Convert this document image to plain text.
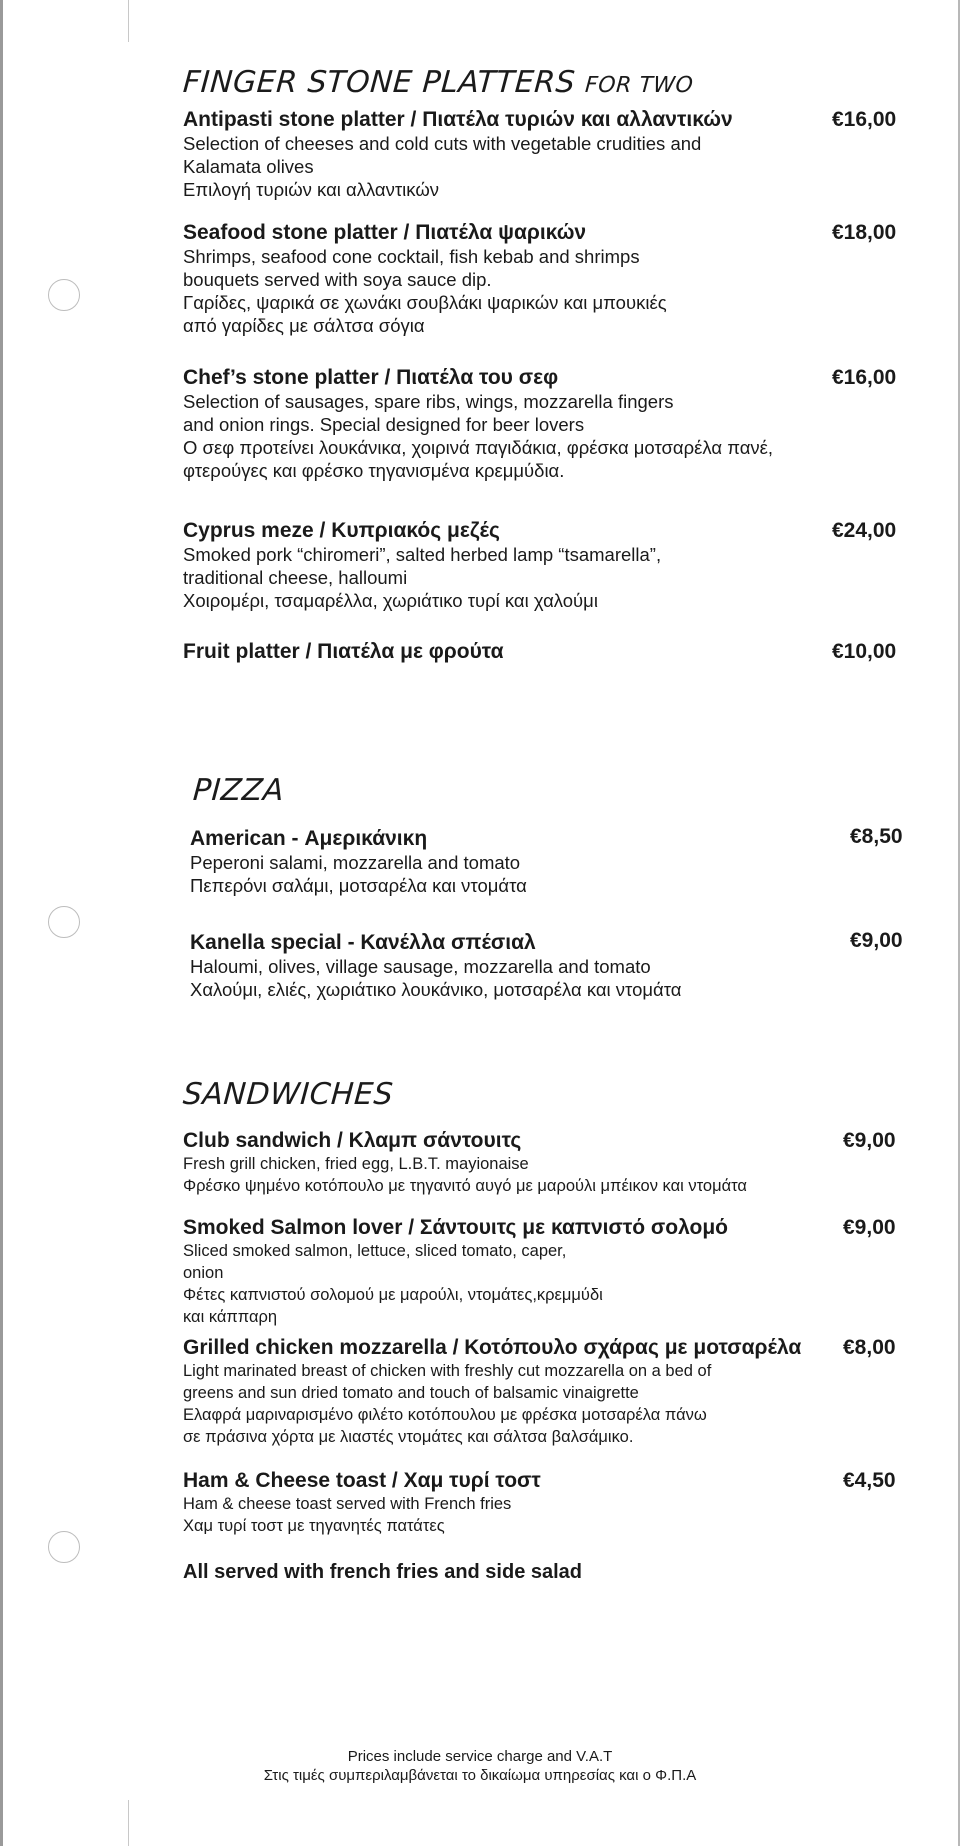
FINGER STONE PLATTERS FOR TWO
Antipasti stone platter / Πιατέλα τυριών και αλλαντικών
Selection of cheeses and cold cuts with vegetable crudities and
Kalamata olives
Επιλογή τυριών και αλλαντικών
€16,00
Seafood stone platter / Πιατέλα ψαρικών
Shrimps, seafood cone cocktail, fish kebab and shrimps
bouquets served with soya sauce dip.
Γαρίδες, ψαρικά σε χωνάκι σουβλάκι ψαρικών και μπουκιές
από γαρίδες με σάλτσα σόγια
€18,00
Chef’s stone platter / Πιατέλα του σεφ
Selection of sausages, spare ribs, wings, mozzarella fingers
and onion rings. Special designed for beer lovers
Ο σεφ προτείνει λουκάνικα, χοιρινά παγιδάκια, φρέσκα μοτσαρέλα πανέ,
φτερούγες και φρέσκο τηγανισμένα κρεμμύδια.
€16,00
Cyprus meze / Κυπριακός μεζές
Smoked pork “chiromeri”, salted herbed lamp “tsamarella”,
traditional cheese, halloumi
Χοιρομέρι, τσαμαρέλλα, χωριάτικο τυρί και χαλούμι
€24,00
Fruit platter / Πιατέλα με φρούτα	€10,00
PIZZA
American - Αμερικάνικη
Peperoni salami, mozzarella and tomato
Πεπερόνι σαλάμι, μοτσαρέλα και ντομάτα
€8,50
Kanella special - Κανέλλα σπέσιαλ
Haloumi, olives, village sausage, mozzarella and tomato
Χαλούμι, ελιές, χωριάτικο λουκάνικο, μοτσαρέλα και ντομάτα
€9,00
SANDWICHES
Club sandwich / Κλαμπ σάντουιτς
Fresh grill chicken, fried egg, L.B.T. mayionaise
Φρέσκο ψημένο κοτόπουλο με τηγανιτό αυγό με μαρούλι μπέικον και ντομάτα
€9,00
Smoked Salmon lover / Σάντουιτς με καπνιστό σολομό
Sliced smoked salmon, lettuce, sliced tomato, caper,
onion
Φέτες καπνιστού σολομού με μαρούλι, ντομάτες,κρεμμύδι
και κάππαρη
€9,00
Grilled chicken mozzarella / Κοτόπουλο σχάρας με μοτσαρέλα
Light marinated breast of chicken with freshly cut mozzarella on a bed of
greens and sun dried tomato and touch of balsamic vinaigrette
Ελαφρά μαριναρισμένο φιλέτο κοτόπουλου με φρέσκα μοτσαρέλα πάνω
σε πράσινα χόρτα με λιαστές ντομάτες και σάλτσα βαλσάμικο.
€8,00
Ham & Cheese toast / Χαμ τυρί τοστ
Ham & cheese toast served with French fries
Χαμ τυρί τοστ με τηγανητές πατάτες
€4,50
All served with french fries and side salad
Prices include service charge and V.A.T
Στις τιμές συμπεριλαμβάνεται το δικαίωμα υπηρεσίας και ο Φ.Π.Α
